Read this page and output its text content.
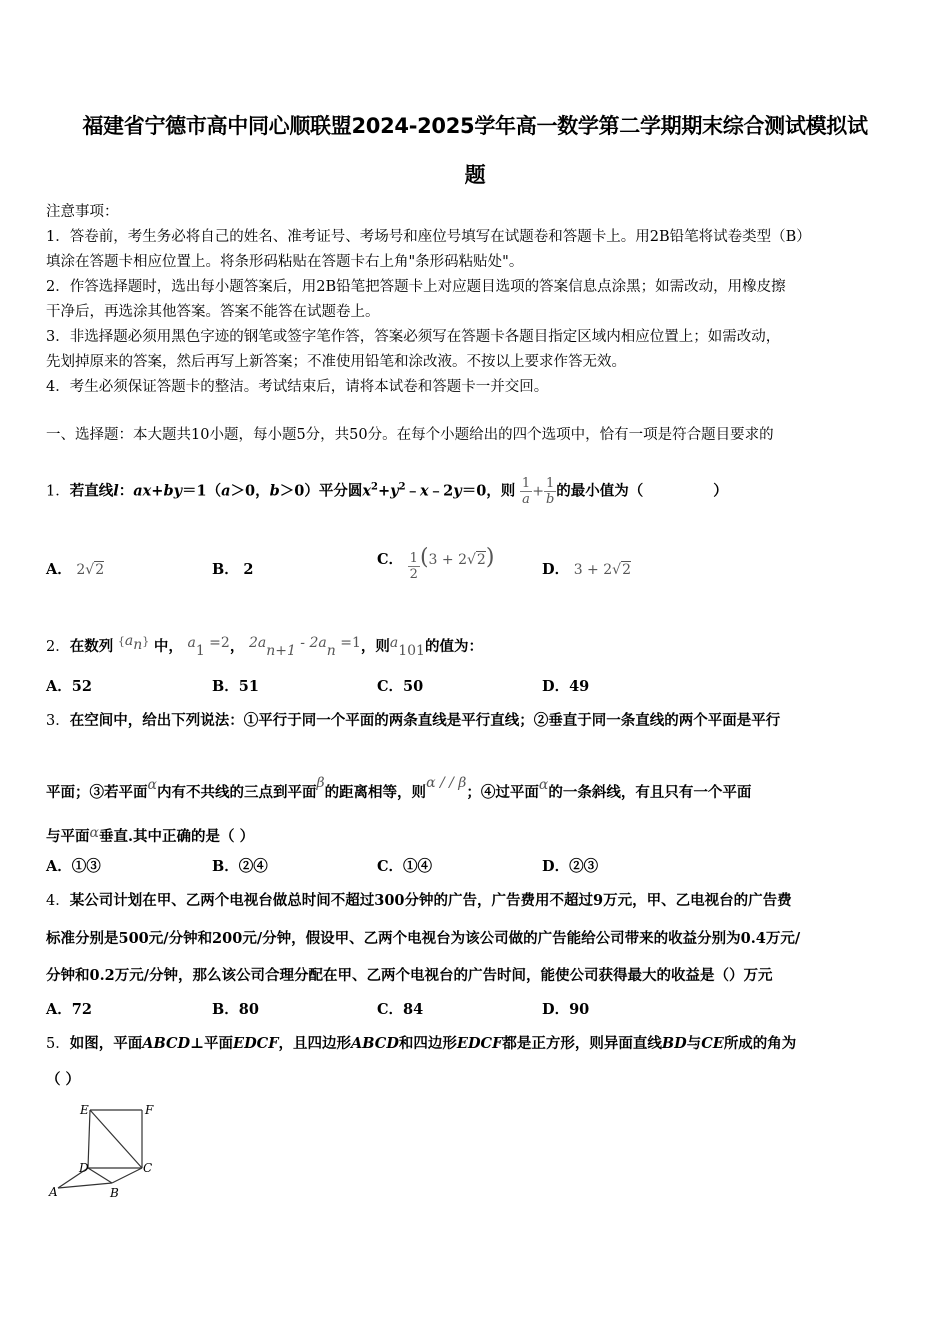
福建省宁德市高中同心顺联盟2024-2025学年高一数学第二学期期末综合测试模拟试
题
注意事项：
1．答卷前，考生务必将自己的姓名、准考证号、考场号和座位号填写在试题卷和答题卡上。用2B铅笔将试卷类型（B）
填涂在答题卡相应位置上。将条形码粘贴在答题卡右上角"条形码粘贴处"。
2．作答选择题时，选出每小题答案后，用2B铅笔把答题卡上对应题目选项的答案信息点涂黑；如需改动，用橡皮擦
干净后，再选涂其他答案。答案不能答在试题卷上。
3．非选择题必须用黑色字迹的钢笔或签字笔作答，答案必须写在答题卡各题目指定区域内相应位置上；如需改动，
先划掉原来的答案，然后再写上新答案；不准使用铅笔和涂改液。不按以上要求作答无效。
4．考生必须保证答题卡的整洁。考试结束后，请将本试卷和答题卡一并交回。
一、选择题：本大题共10小题，每小题5分，共50分。在每个小题给出的四个选项中，恰有一项是符合题目要求的
1．若直线l：ax+by＝1（a＞0，b＞0）平分圆$x^2+y^2﹣x﹣2y=0$，则 $\frac{1}{a} + \frac{1}{b}$ 的最小值为（	）
A． 2√2	B． 2
C． $\frac{1}{2} (3 + 2√2)$	D． 3 + 2√2
2．在数列 $^{\{}a_n^{\}}$ 中， $a_1 =2$， $2a_{n+1} - 2a_n =1$，则$a_{101}$的值为：
A．52	B．51	C．50	D．49
3．在空间中，给出下列说法：①平行于同一个平面的两条直线是平行直线；②垂直于同一条直线的两个平面是平行
平面；③若平面α内有不共线的三点到平面β的距离相等，则α / / β；④过平面α的一条斜线，有且只有一个平面
与平面α垂直.其中正确的是（ ）
A．①③	B．②④	C．①④	D．②③
4．某公司计划在甲、乙两个电视台做总时间不超过300分钟的广告，广告费用不超过9万元，甲、乙电视台的广告费
标准分别是500元/分钟和200元/分钟，假设甲、乙两个电视台为该公司做的广告能给公司带来的收益分别为0.4万元/
分钟和0.2万元/分钟，那么该公司合理分配在甲、乙两个电视台的广告时间，能使公司获得最大的收益是（）万元
A．72	B．80	C．84	D．90
5．如图，平面ABCD⊥平面EDCF，且四边形ABCD和四边形EDCF都是正方形，则异面直线BD与CE所成的角为
（ ）
E	F
D	C
A	B
